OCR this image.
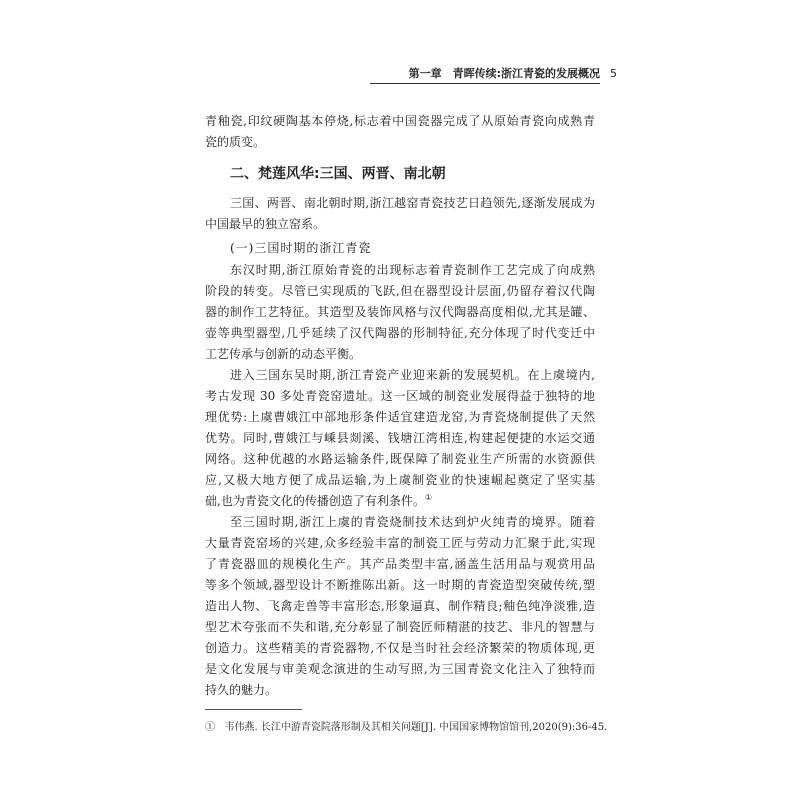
第一章　青晖传续:浙江青瓷的发展概况 5
青釉瓷,印纹硬陶基本停烧,标志着中国瓷器完成了从原始青瓷向成熟青
瓷的质变。
二、梵莲风华:三国、两晋、南北朝
三国、两晋、南北朝时期,浙江越窑青瓷技艺日趋领先,逐渐发展成为
中国最早的独立窑系。
(一)三国时期的浙江青瓷
东汉时期,浙江原始青瓷的出现标志着青瓷制作工艺完成了向成熟
阶段的转变。尽管已实现质的飞跃,但在器型设计层面,仍留存着汉代陶
器的制作工艺特征。其造型及装饰风格与汉代陶器高度相似,尤其是罐、
壶等典型器型,几乎延续了汉代陶器的形制特征,充分体现了时代变迁中
工艺传承与创新的动态平衡。
进入三国东吴时期,浙江青瓷产业迎来新的发展契机。在上虞境内,
考古发现 30 多处青瓷窑遗址。这一区域的制瓷业发展得益于独特的地
理优势:上虞曹娥江中部地形条件适宜建造龙窑,为青瓷烧制提供了天然
优势。同时,曹娥江与嵊县剡溪、钱塘江湾相连,构建起便捷的水运交通
网络。这种优越的水路运输条件,既保障了制瓷业生产所需的水资源供
应,又极大地方便了成品运输,为上虞制瓷业的快速崛起奠定了坚实基
础,也为青瓷文化的传播创造了有利条件。①
至三国时期,浙江上虞的青瓷烧制技术达到炉火纯青的境界。随着
大量青瓷窑场的兴建,众多经验丰富的制瓷工匠与劳动力汇聚于此,实现
了青瓷器皿的规模化生产。其产品类型丰富,涵盖生活用品与观赏用品
等多个领域,器型设计不断推陈出新。这一时期的青瓷造型突破传统,塑
造出人物、飞禽走兽等丰富形态,形象逼真、制作精良;釉色纯净淡雅,造
型艺术夸张而不失和谐,充分彰显了制瓷匠师精湛的技艺、非凡的智慧与
创造力。这些精美的青瓷器物,不仅是当时社会经济繁荣的物质体现,更
是文化发展与审美观念演进的生动写照,为三国青瓷文化注入了独特而
持久的魅力。
① 韦伟燕. 长江中游青瓷院落形制及其相关问题[J]. 中国国家博物馆馆刊,2020(9):36-45.
